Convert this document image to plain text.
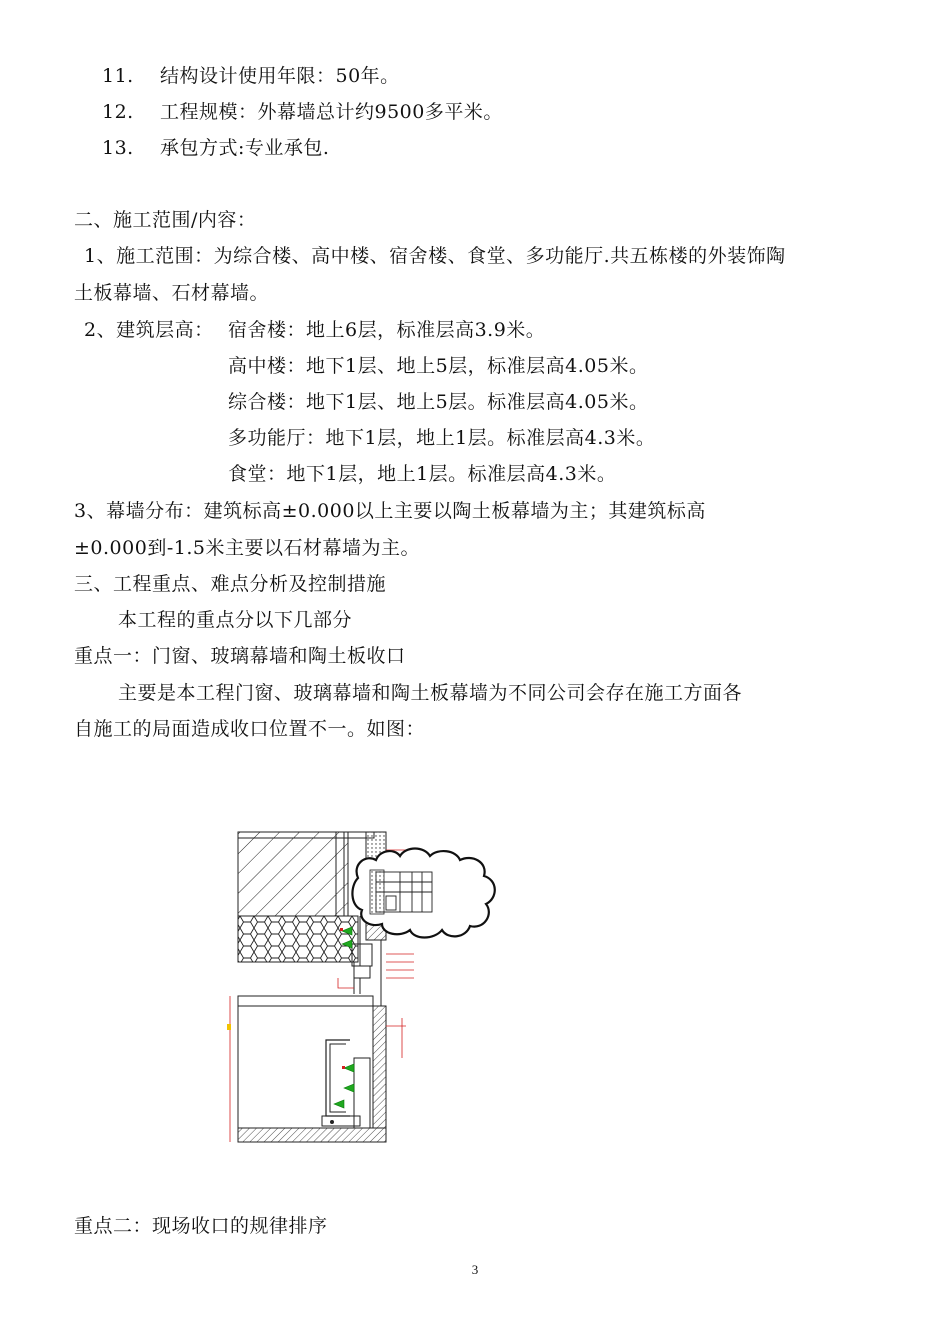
11. 结构设计使用年限：50年。
12. 工程规模：外幕墙总计约9500多平米。
13. 承包方式:专业承包.
二、施工范围/内容：
1、施工范围：为综合楼、高中楼、宿舍楼、食堂、多功能厅.共五栋楼的外装饰陶
土板幕墙、石材幕墙。
2、建筑层高： 宿舍楼：地上6层，标准层高3.9米。
高中楼：地下1层、地上5层，标准层高4.05米。
综合楼：地下1层、地上5层。标准层高4.05米。
多功能厅：地下1层，地上1层。标准层高4.3米。
食堂：地下1层，地上1层。标准层高4.3米。
3、幕墙分布：建筑标高±0.000以上主要以陶土板幕墙为主；其建筑标高
±0.000到-1.5米主要以石材幕墙为主。
三、工程重点、难点分析及控制措施
本工程的重点分以下几部分
重点一：门窗、玻璃幕墙和陶土板收口
主要是本工程门窗、玻璃幕墙和陶土板幕墙为不同公司会存在施工方面各
自施工的局面造成收口位置不一。如图：
重点二：现场收口的规律排序
3
